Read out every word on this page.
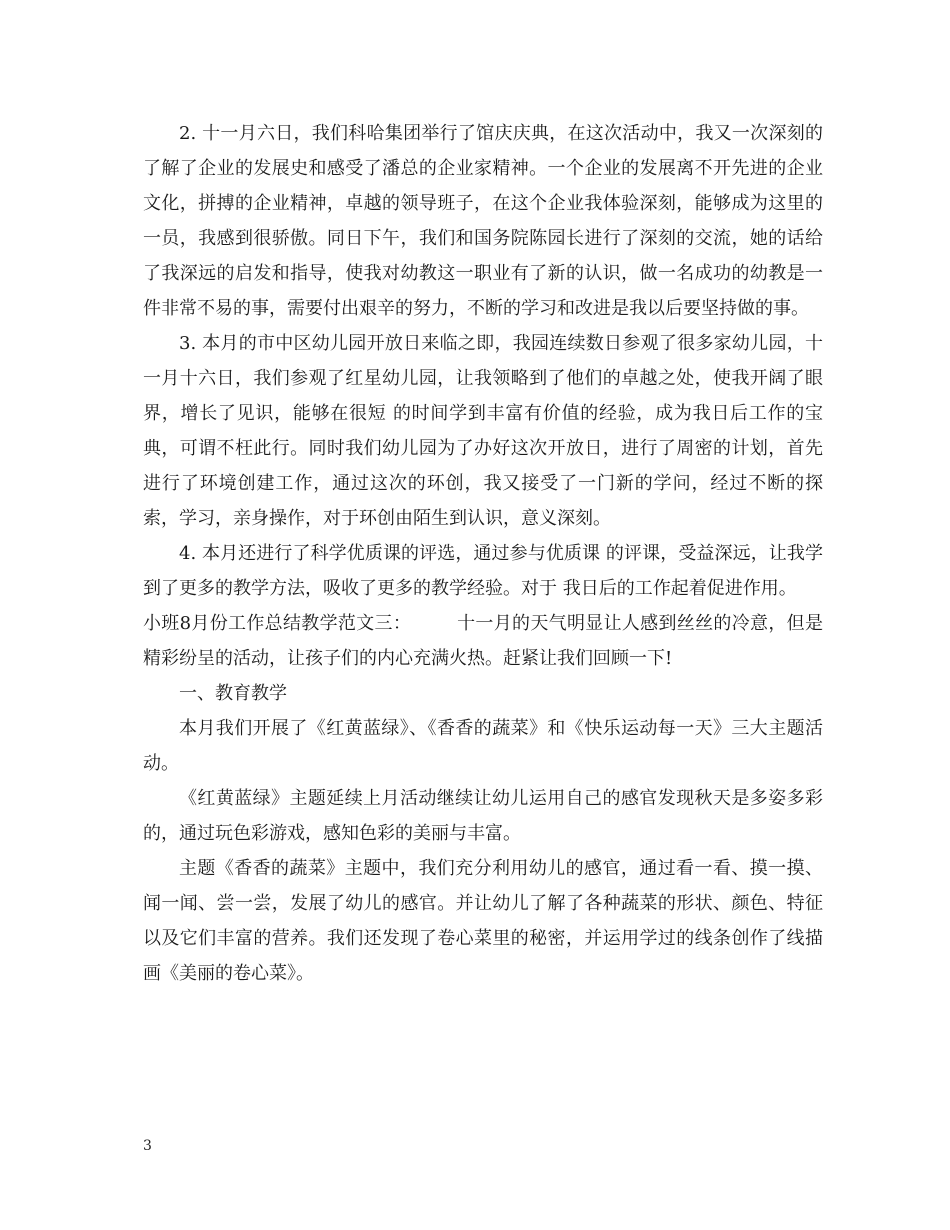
2. 十一月六日，我们科哈集团举行了馆庆庆典，在这次活动中，我又一次深刻的了解了企业的发展史和感受了潘总的企业家精神。一个企业的发展离不开先进的企业文化，拼搏的企业精神，卓越的领导班子，在这个企业我体验深刻，能够成为这里的一员，我感到很骄傲。同日下午，我们和国务院陈园长进行了深刻的交流，她的话给了我深远的启发和指导，使我对幼教这一职业有了新的认识，做一名成功的幼教是一件非常不易的事，需要付出艰辛的努力，不断的学习和改进是我以后要坚持做的事。

3. 本月的市中区幼儿园开放日来临之即，我园连续数日参观了很多家幼儿园，十一月十六日，我们参观了红星幼儿园，让我领略到了他们的卓越之处，使我开阔了眼界，增长了见识，能够在很短 的时间学到丰富有价值的经验，成为我日后工作的宝典，可谓不枉此行。同时我们幼儿园为了办好这次开放日，进行了周密的计划，首先进行了环境创建工作，通过这次的环创，我又接受了一门新的学问，经过不断的探索，学习，亲身操作，对于环创由陌生到认识，意义深刻。

4. 本月还进行了科学优质课的评选，通过参与优质课 的评课，受益深远，让我学到了更多的教学方法，吸收了更多的教学经验。对于 我日后的工作起着促进作用。

小班8月份工作总结教学范文三：　　　十一月的天气明显让人感到丝丝的冷意，但是精彩纷呈的活动，让孩子们的内心充满火热。赶紧让我们回顾一下!

一、教育教学

本月我们开展了《红黄蓝绿》、《香香的蔬菜》和《快乐运动每一天》三大主题活动。

《红黄蓝绿》主题延续上月活动继续让幼儿运用自己的感官发现秋天是多姿多彩的，通过玩色彩游戏，感知色彩的美丽与丰富。

主题《香香的蔬菜》主题中，我们充分利用幼儿的感官，通过看一看、摸一摸、闻一闻、尝一尝，发展了幼儿的感官。并让幼儿了解了各种蔬菜的形状、颜色、特征以及它们丰富的营养。我们还发现了卷心菜里的秘密，并运用学过的线条创作了线描画《美丽的卷心菜》。

3
